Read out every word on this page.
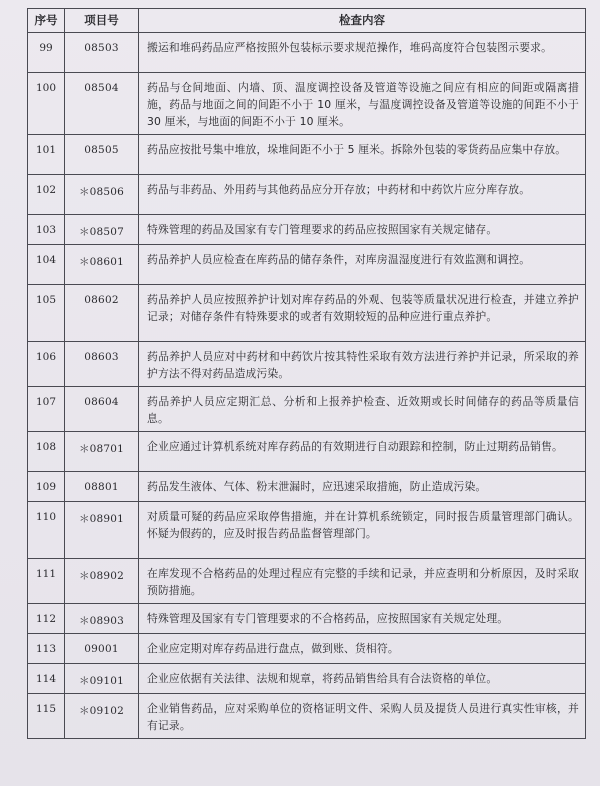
序号	项目号	检查内容
99	08503	搬运和堆码药品应严格按照外包装标示要求规范操作，堆码高度符合包装图示要求。
100	08504	药品与仓间地面、内墙、顶、温度调控设备及管道等设施之间应有相应的间距或隔离措施，药品与地面之间的间距不小于 10 厘米，与温度调控设备及管道等设施的间距不小于 30 厘米，与地面的间距不小于 10 厘米。
101	08505	药品应按批号集中堆放，垛堆间距不小于 5 厘米。拆除外包装的零货药品应集中存放。
102	＊08506	药品与非药品、外用药与其他药品应分开存放；中药材和中药饮片应分库存放。
103	＊08507	特殊管理的药品及国家有专门管理要求的药品应按照国家有关规定储存。
104	＊08601	药品养护人员应检查在库药品的储存条件，对库房温湿度进行有效监测和调控。
105	08602	药品养护人员应按照养护计划对库存药品的外观、包装等质量状况进行检查，并建立养护记录；对储存条件有特殊要求的或者有效期较短的品种应进行重点养护。
106	08603	药品养护人员应对中药材和中药饮片按其特性采取有效方法进行养护并记录，所采取的养护方法不得对药品造成污染。
107	08604	药品养护人员应定期汇总、分析和上报养护检查、近效期或长时间储存的药品等质量信息。
108	＊08701	企业应通过计算机系统对库存药品的有效期进行自动跟踪和控制，防止过期药品销售。
109	08801	药品发生液体、气体、粉末泄漏时，应迅速采取措施，防止造成污染。
110	＊08901	对质量可疑的药品应采取停售措施，并在计算机系统锁定，同时报告质量管理部门确认。怀疑为假药的，应及时报告药品监督管理部门。
111	＊08902	在库发现不合格药品的处理过程应有完整的手续和记录，并应查明和分析原因，及时采取预防措施。
112	＊08903	特殊管理及国家有专门管理要求的不合格药品，应按照国家有关规定处理。
113	09001	企业应定期对库存药品进行盘点，做到账、货相符。
114	＊09101	企业应依据有关法律、法规和规章，将药品销售给具有合法资格的单位。
115	＊09102	企业销售药品，应对采购单位的资格证明文件、采购人员及提货人员进行真实性审核，并有记录。
